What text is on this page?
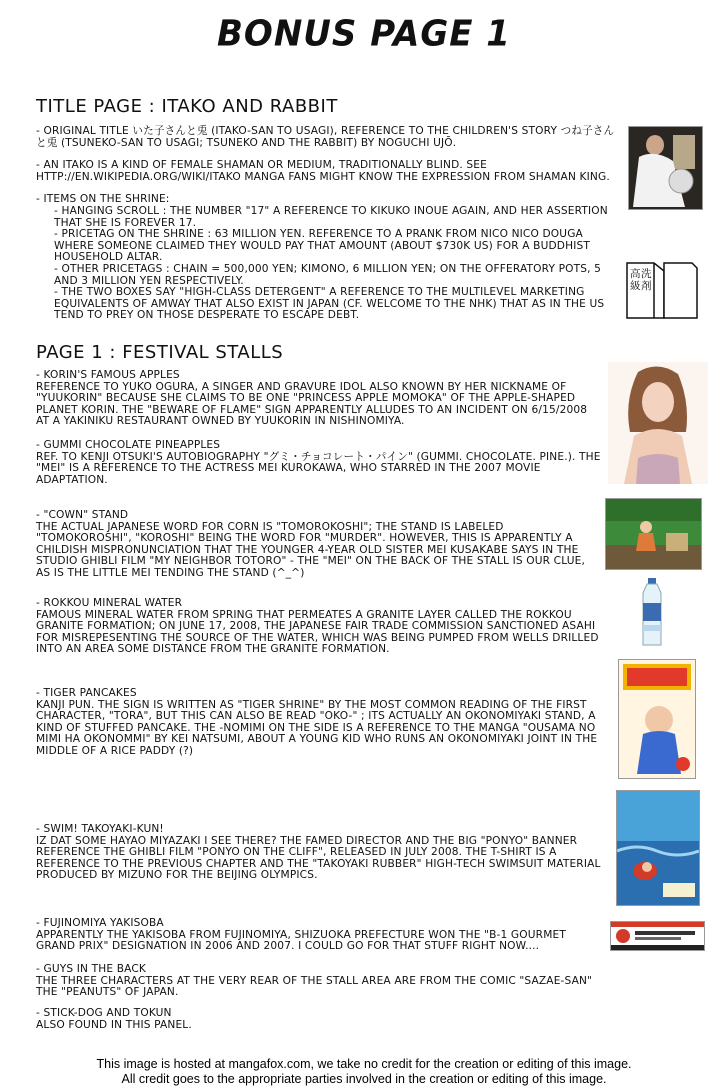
BONUS PAGE 1
TITLE PAGE : ITAKO AND RABBIT

- ORIGINAL TITLE いた子さんと兎 (ITAKO-SAN TO USAGI), REFERENCE TO THE CHILDREN'S STORY つね子さんと兎 (TSUNEKO-SAN TO USAGI; TSUNEKO AND THE RABBIT) BY NOGUCHI UJŌ.

- AN ITAKO IS A KIND OF FEMALE SHAMAN OR MEDIUM, TRADITIONALLY BLIND. SEE HTTP://EN.WIKIPEDIA.ORG/WIKI/ITAKO MANGA FANS MIGHT KNOW THE EXPRESSION FROM SHAMAN KING.

- ITEMS ON THE SHRINE:

- HANGING SCROLL : THE NUMBER "17" A REFERENCE TO KIKUKO INOUE AGAIN, AND HER ASSERTION THAT SHE IS FOREVER 17.

- PRICETAG ON THE SHRINE : 63 MILLION YEN. REFERENCE TO A PRANK FROM NICO NICO DOUGA WHERE SOMEONE CLAIMED THEY WOULD PAY THAT AMOUNT (ABOUT $730K US) FOR A BUDDHIST HOUSEHOLD ALTAR.

- OTHER PRICETAGS : CHAIN = 500,000 YEN; KIMONO, 6 MILLION YEN; ON THE OFFERATORY POTS, 5 AND 3 MILLION YEN RESPECTIVELY.

- THE TWO BOXES SAY "HIGH-CLASS DETERGENT" A REFERENCE TO THE MULTILEVEL MARKETING EQUIVALENTS OF AMWAY THAT ALSO EXIST IN JAPAN (CF. WELCOME TO THE NHK) THAT AS IN THE US TEND TO PREY ON THOSE DESPERATE TO ESCAPE DEBT.

高級
洗剤
PAGE 1 : FESTIVAL STALLS

- KORIN'S FAMOUS APPLES

REFERENCE TO YUKO OGURA, A SINGER AND GRAVURE IDOL ALSO KNOWN BY HER NICKNAME OF "YUUKORIN" BECAUSE SHE CLAIMS TO BE ONE "PRINCESS APPLE MOMOKA" OF THE APPLE-SHAPED PLANET KORIN. THE "BEWARE OF FLAME" SIGN APPARENTLY ALLUDES TO AN INCIDENT ON 6/15/2008 AT A YAKINIKU RESTAURANT OWNED BY YUUKORIN IN NISHINOMIYA.

- GUMMI CHOCOLATE PINEAPPLES

REF. TO KENJI OTSUKI'S AUTOBIOGRAPHY "グミ・チョコレート・パイン" (GUMMI. CHOCOLATE. PINE.). THE "MEI" IS A REFERENCE TO THE ACTRESS MEI KUROKAWA, WHO STARRED IN THE 2007 MOVIE ADAPTATION.

- "COWN" STAND

THE ACTUAL JAPANESE WORD FOR CORN IS "TOMOROKOSHI"; THE STAND IS LABELED "TOMOKOROSHI", "KOROSHI" BEING THE WORD FOR "MURDER". HOWEVER, THIS IS APPARENTLY A CHILDISH MISPRONUNCIATION THAT THE YOUNGER 4-YEAR OLD SISTER MEI KUSAKABE SAYS IN THE STUDIO GHIBLI FILM "MY NEIGHBOR TOTORO" - THE "MEI" ON THE BACK OF THE STALL IS OUR CLUE, AS IS THE LITTLE MEI TENDING THE STAND (^_^)

- ROKKOU MINERAL WATER

FAMOUS MINERAL WATER FROM SPRING THAT PERMEATES A GRANITE LAYER CALLED THE ROKKOU GRANITE FORMATION; ON JUNE 17, 2008, THE JAPANESE FAIR TRADE COMMISSION SANCTIONED ASAHI FOR MISREPESENTING THE SOURCE OF THE WATER, WHICH WAS BEING PUMPED FROM WELLS DRILLED INTO AN AREA SOME DISTANCE FROM THE GRANITE FORMATION.

- TIGER PANCAKES

KANJI PUN. THE SIGN IS WRITTEN AS "TIGER SHRINE" BY THE MOST COMMON READING OF THE FIRST CHARACTER, "TORA", BUT THIS CAN ALSO BE READ "OKO-" ; ITS ACTUALLY AN OKONOMIYAKI STAND, A KIND OF STUFFED PANCAKE. THE -NOMIMI ON THE SIDE IS A REFERENCE TO THE MANGA "OUSAMA NO MIMI HA OKONOMMI" BY KEI NATSUMI, ABOUT A YOUNG KID WHO RUNS AN OKONOMIYAKI JOINT IN THE MIDDLE OF A RICE PADDY (?)

- SWIM! TAKOYAKI-KUN!

IZ DAT SOME HAYAO MIYAZAKI I SEE THERE? THE FAMED DIRECTOR AND THE BIG "PONYO" BANNER REFERENCE THE GHIBLI FILM "PONYO ON THE CLIFF", RELEASED IN JULY 2008. THE T-SHIRT IS A REFERENCE TO THE PREVIOUS CHAPTER AND THE "TAKOYAKI RUBBER" HIGH-TECH SWIMSUIT MATERIAL PRODUCED BY MIZUNO FOR THE BEIJING OLYMPICS.

- FUJINOMIYA YAKISOBA

APPARENTLY THE YAKISOBA FROM FUJINOMIYA, SHIZUOKA PREFECTURE WON THE "B-1 GOURMET GRAND PRIX" DESIGNATION IN 2006 AND 2007. I COULD GO FOR THAT STUFF RIGHT NOW....

- GUYS IN THE BACK

THE THREE CHARACTERS AT THE VERY REAR OF THE STALL AREA ARE FROM THE COMIC "SAZAE-SAN" THE "PEANUTS" OF JAPAN.

- STICK-DOG AND TOKUN

ALSO FOUND IN THIS PANEL.

This image is hosted at mangafox.com, we take no credit for the creation or editing of this image.
All credit goes to the appropriate parties involved in the creation or editing of this image.
